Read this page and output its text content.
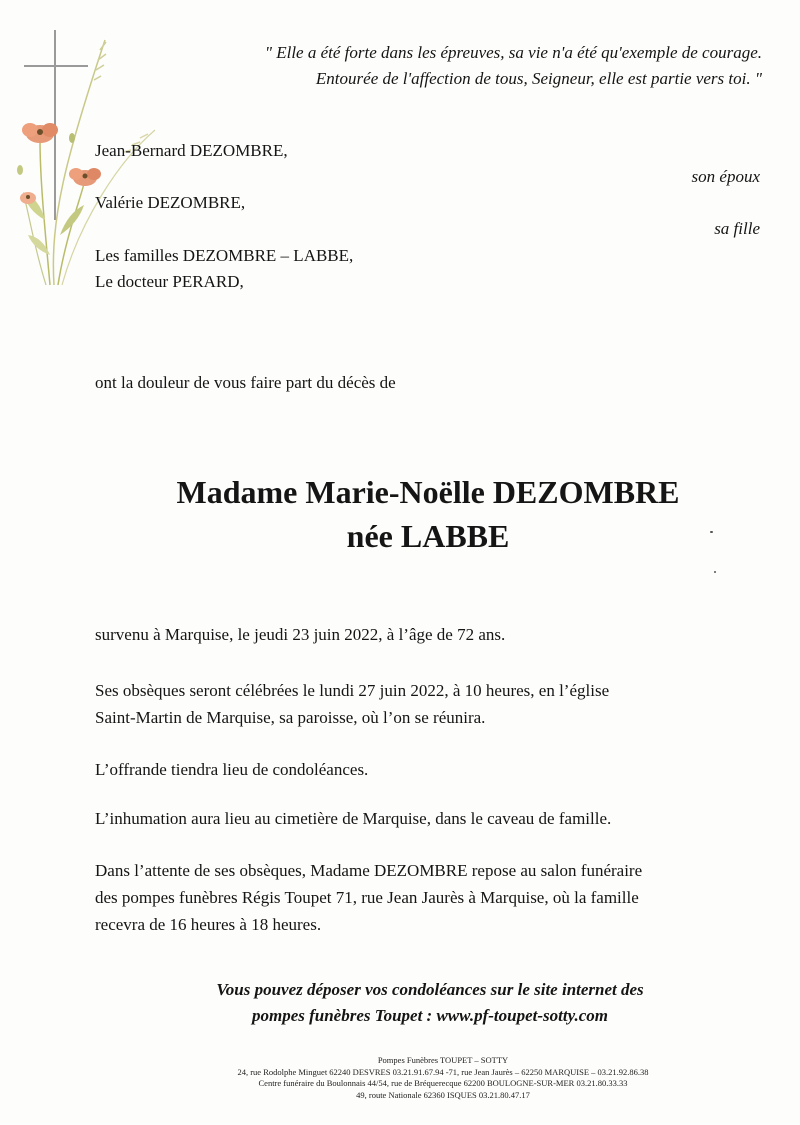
" Elle a été forte dans les épreuves, sa vie n'a été qu'exemple de courage.

Entourée de l'affection de tous, Seigneur, elle est partie vers toi. "

Jean-Bernard DEZOMBRE,
son époux
Valérie DEZOMBRE,
sa fille
Les familles DEZOMBRE – LABBE,
Le docteur PERARD,
ont la douleur de vous faire part du décès de
Madame Marie-Noëlle DEZOMBRE
née LABBE
survenu à Marquise, le jeudi 23 juin 2022, à l’âge de 72 ans.
Ses obsèques seront célébrées le lundi 27 juin 2022, à 10 heures, en l’église
Saint-Martin de Marquise, sa paroisse, où l’on se réunira.
L’offrande tiendra lieu de condoléances.
L’inhumation aura lieu au cimetière de Marquise, dans le caveau de famille.
Dans l’attente de ses obsèques, Madame DEZOMBRE repose au salon funéraire
des pompes funèbres Régis Toupet 71, rue Jean Jaurès à Marquise, où la famille
recevra de 16 heures à 18 heures.
Vous pouvez déposer vos condoléances sur le site internet des
pompes funèbres Toupet : www.pf-toupet-sotty.com
Pompes Funèbres TOUPET – SOTTY
24, rue Rodolphe Minguet 62240 DESVRES 03.21.91.67.94 -71, rue Jean Jaurès – 62250 MARQUISE – 03.21.92.86.38
Centre funéraire du Boulonnais 44/54, rue de Bréquerecque 62200 BOULOGNE-SUR-MER 03.21.80.33.33
49, route Nationale 62360 ISQUES 03.21.80.47.17
